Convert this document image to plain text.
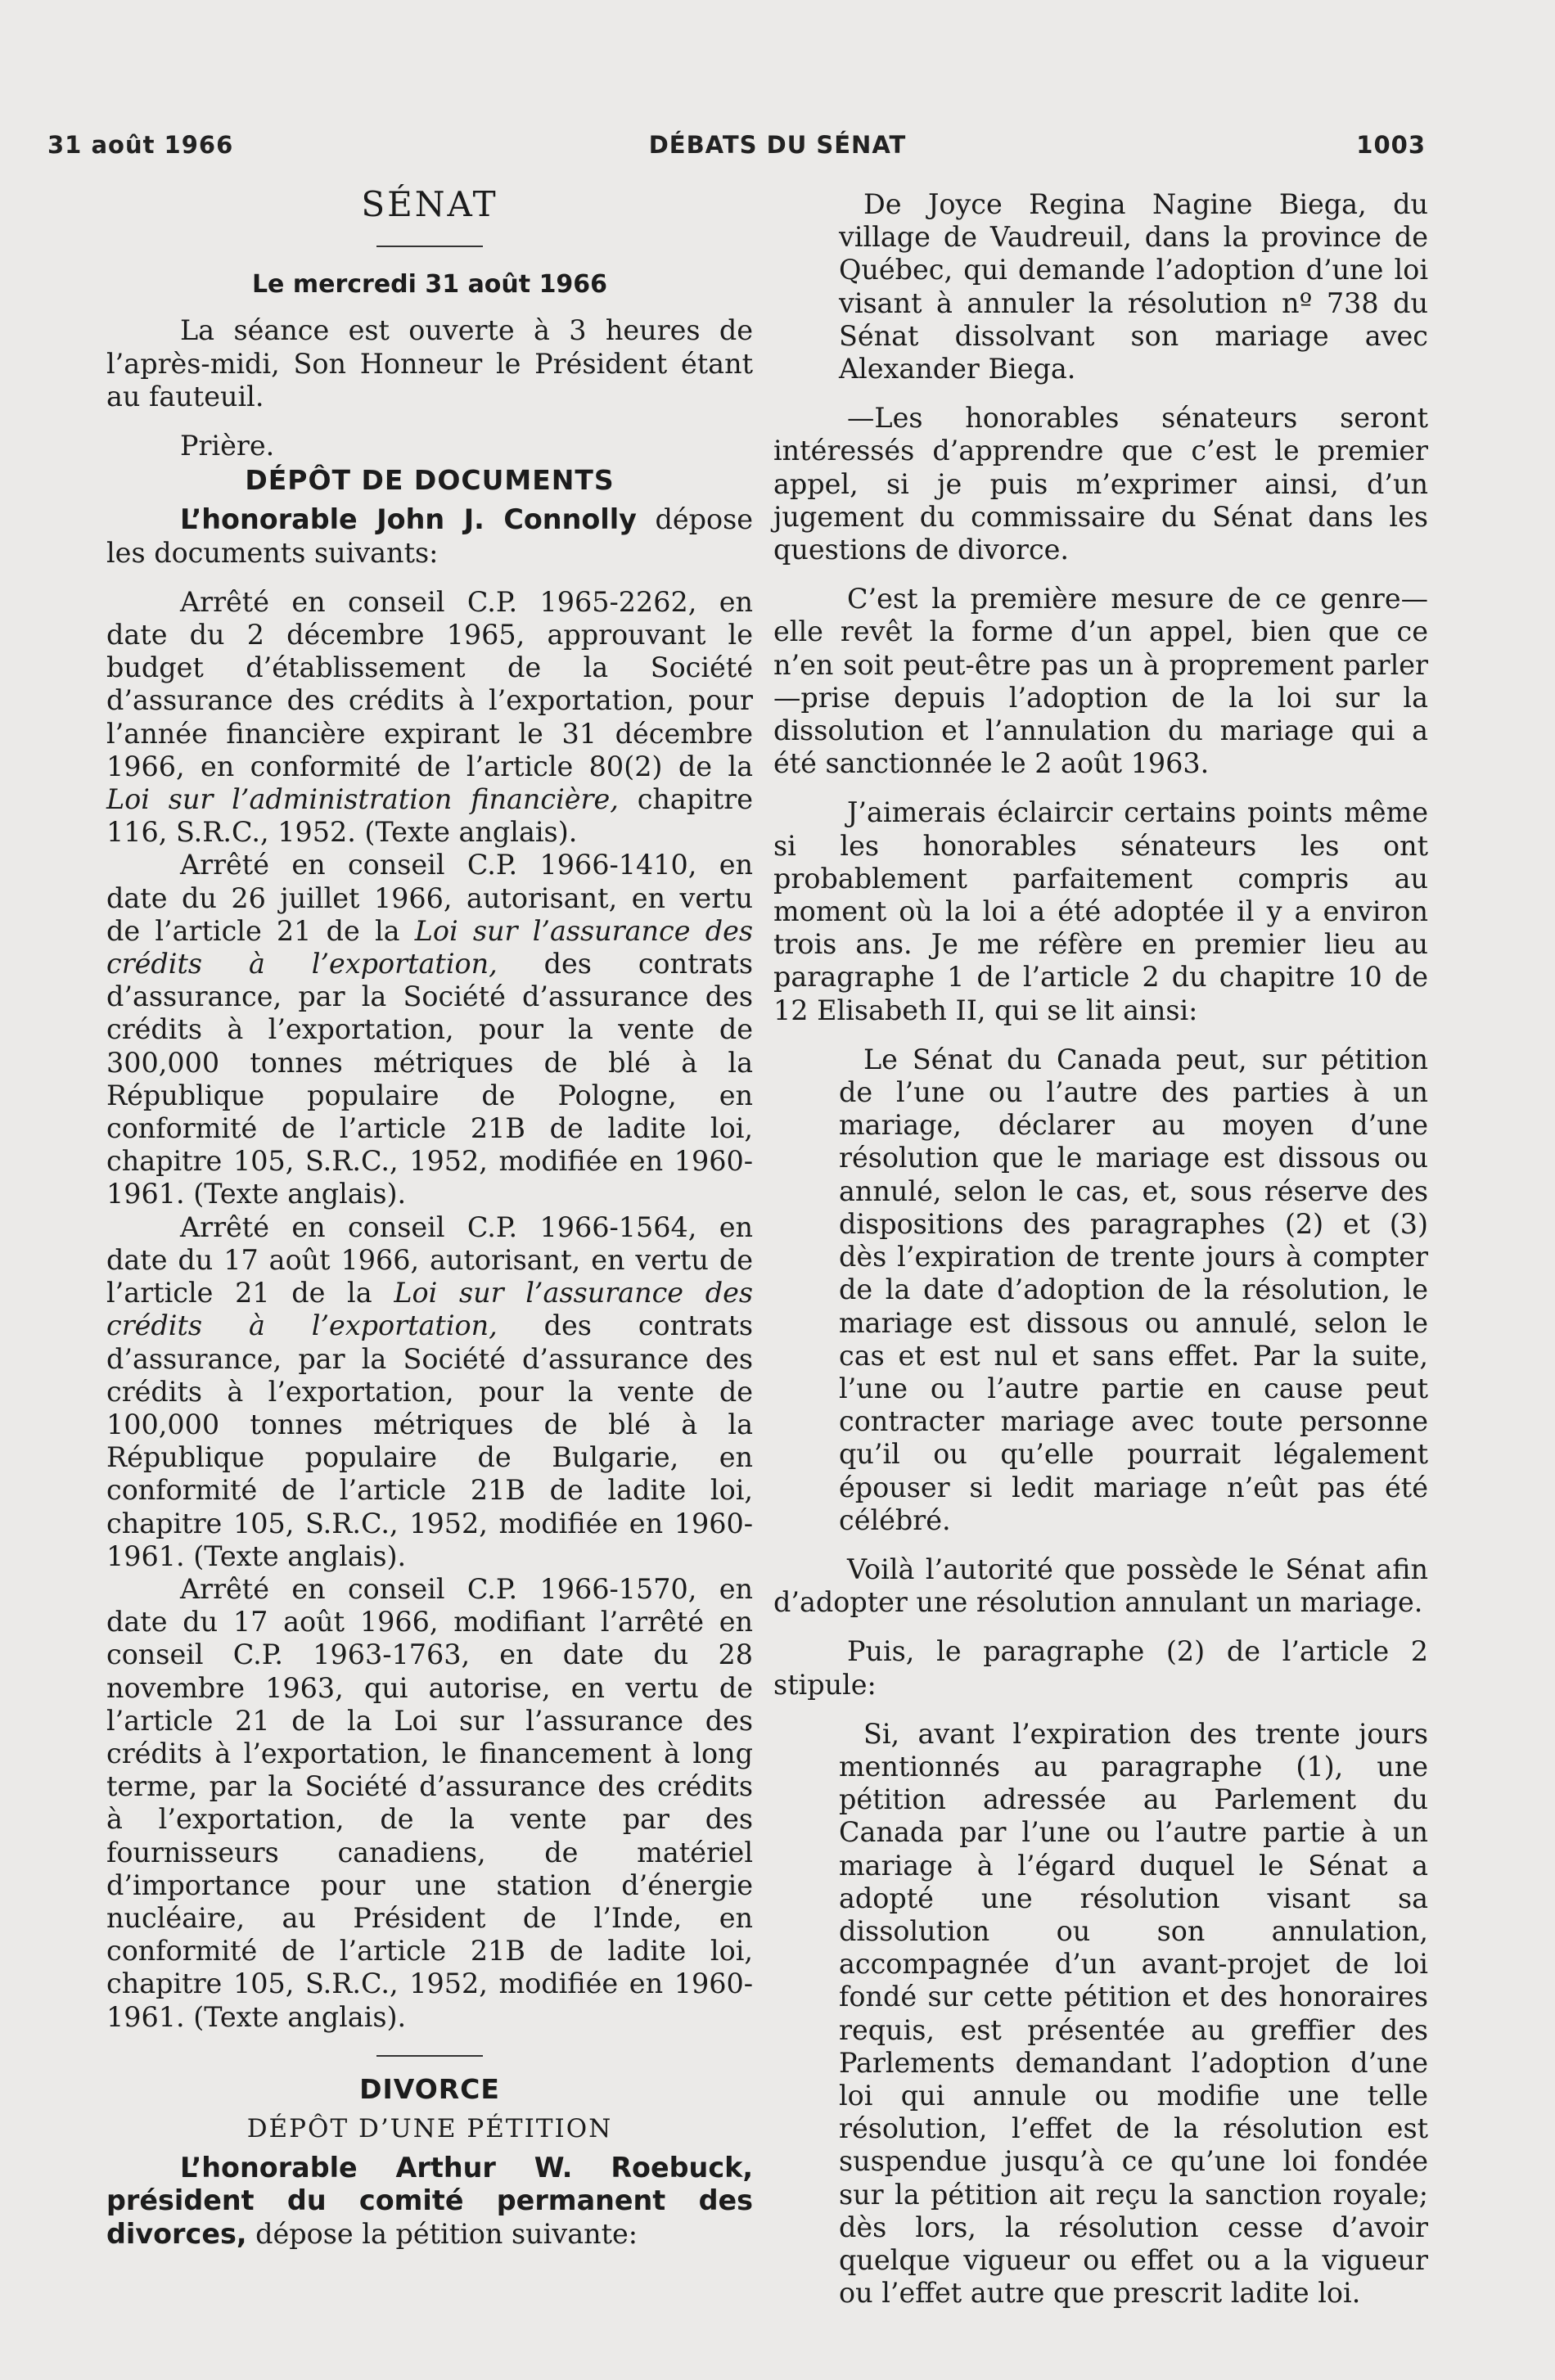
31 août 1966	DÉBATS DU SÉNAT	1003
SÉNAT
Le mercredi 31 août 1966

La séance est ouverte à 3 heures de l’après-midi, Son Honneur le Président étant au fauteuil.

Prière.

DÉPÔT DE DOCUMENTS

L’honorable John J. Connolly dépose les documents suivants:

Arrêté en conseil C.P. 1965-2262, en date du 2 décembre 1965, approuvant le budget d’établissement de la Société d’assurance des crédits à l’exportation, pour l’année financière expirant le 31 décembre 1966, en conformité de l’article 80(2) de la Loi sur l’administration financière, chapitre 116, S.R.C., 1952. (Texte anglais).

Arrêté en conseil C.P. 1966-1410, en date du 26 juillet 1966, autorisant, en vertu de l’article 21 de la Loi sur l’assurance des crédits à l’exportation, des contrats d’assurance, par la Société d’assurance des crédits à l’exportation, pour la vente de 300,000 tonnes métriques de blé à la République populaire de Pologne, en conformité de l’article 21B de ladite loi, chapitre 105, S.R.C., 1952, modifiée en 1960-1961. (Texte anglais).

Arrêté en conseil C.P. 1966-1564, en date du 17 août 1966, autorisant, en vertu de l’article 21 de la Loi sur l’assurance des crédits à l’exportation, des contrats d’assurance, par la Société d’assurance des crédits à l’exportation, pour la vente de 100,000 tonnes métriques de blé à la République populaire de Bulgarie, en conformité de l’article 21B de ladite loi, chapitre 105, S.R.C., 1952, modifiée en 1960-1961. (Texte anglais).

Arrêté en conseil C.P. 1966-1570, en date du 17 août 1966, modifiant l’arrêté en conseil C.P. 1963-1763, en date du 28 novembre 1963, qui autorise, en vertu de l’article 21 de la Loi sur l’assurance des crédits à l’exportation, le financement à long terme, par la Société d’assurance des crédits à l’exportation, de la vente par des fournisseurs canadiens, de matériel d’importance pour une station d’énergie nucléaire, au Président de l’Inde, en conformité de l’article 21B de ladite loi, chapitre 105, S.R.C., 1952, modifiée en 1960-1961. (Texte anglais).

DIVORCE
DÉPÔT D’UNE PÉTITION

L’honorable Arthur W. Roebuck, président du comité permanent des divorces, dépose la pétition suivante:

De Joyce Regina Nagine Biega, du village de Vaudreuil, dans la province de Québec, qui demande l’adoption d’une loi visant à annuler la résolution nº 738 du Sénat dissolvant son mariage avec Alexander Biega.

—Les honorables sénateurs seront intéressés d’apprendre que c’est le premier appel, si je puis m’exprimer ainsi, d’un jugement du commissaire du Sénat dans les questions de divorce.

C’est la première mesure de ce genre—elle revêt la forme d’un appel, bien que ce n’en soit peut-être pas un à proprement parler—prise depuis l’adoption de la loi sur la dissolution et l’annulation du mariage qui a été sanctionnée le 2 août 1963.

J’aimerais éclaircir certains points même si les honorables sénateurs les ont probablement parfaitement compris au moment où la loi a été adoptée il y a environ trois ans. Je me réfère en premier lieu au paragraphe 1 de l’article 2 du chapitre 10 de 12 Elisabeth II, qui se lit ainsi:

Le Sénat du Canada peut, sur pétition de l’une ou l’autre des parties à un mariage, déclarer au moyen d’une résolution que le mariage est dissous ou annulé, selon le cas, et, sous réserve des dispositions des paragraphes (2) et (3) dès l’expiration de trente jours à compter de la date d’adoption de la résolution, le mariage est dissous ou annulé, selon le cas et est nul et sans effet. Par la suite, l’une ou l’autre partie en cause peut contracter mariage avec toute personne qu’il ou qu’elle pourrait légalement épouser si ledit mariage n’eût pas été célébré.

Voilà l’autorité que possède le Sénat afin d’adopter une résolution annulant un mariage.

Puis, le paragraphe (2) de l’article 2 stipule:

Si, avant l’expiration des trente jours mentionnés au paragraphe (1), une pétition adressée au Parlement du Canada par l’une ou l’autre partie à un mariage à l’égard duquel le Sénat a adopté une résolution visant sa dissolution ou son annulation, accompagnée d’un avant-projet de loi fondé sur cette pétition et des honoraires requis, est présentée au greffier des Parlements demandant l’adoption d’une loi qui annule ou modifie une telle résolution, l’effet de la résolution est suspendue jusqu’à ce qu’une loi fondée sur la pétition ait reçu la sanction royale; dès lors, la résolution cesse d’avoir quelque vigueur ou effet ou a la vigueur ou l’effet autre que prescrit ladite loi.
